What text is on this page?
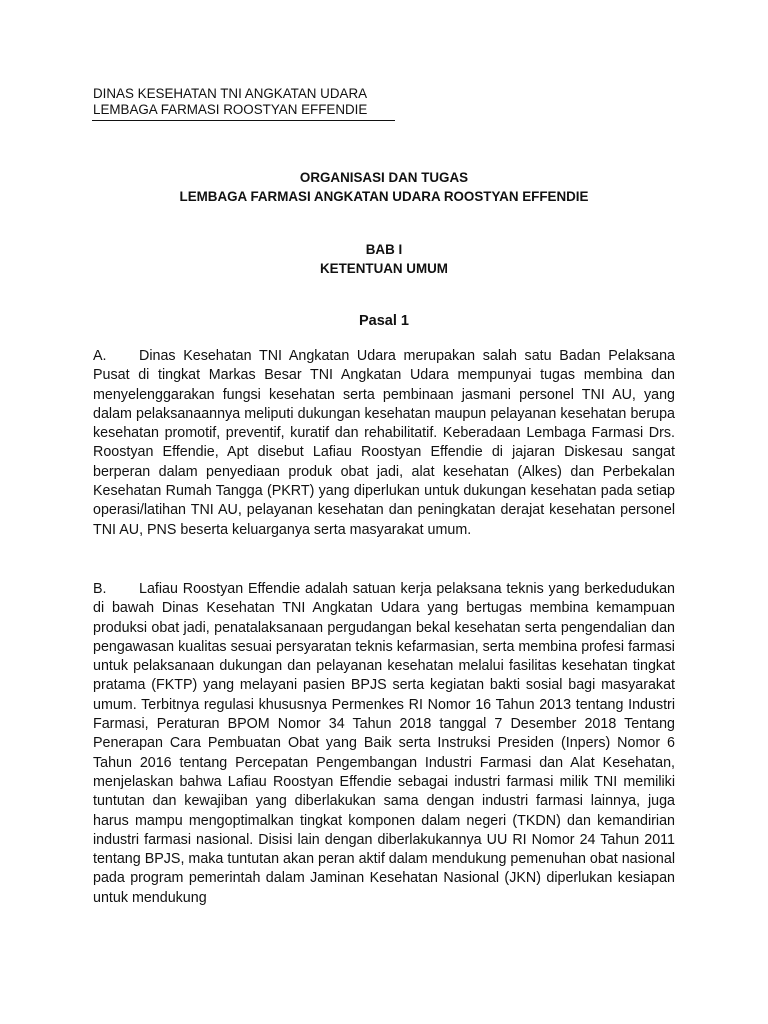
DINAS KESEHATAN TNI ANGKATAN UDARA
LEMBAGA FARMASI ROOSTYAN EFFENDIE
ORGANISASI DAN TUGAS
LEMBAGA FARMASI ANGKATAN UDARA ROOSTYAN EFFENDIE
BAB I
KETENTUAN UMUM
Pasal 1
A. Dinas Kesehatan TNI Angkatan Udara merupakan salah satu Badan Pelaksana Pusat di tingkat Markas Besar TNI Angkatan Udara mempunyai tugas membina dan menyelenggarakan fungsi kesehatan serta pembinaan jasmani personel TNI AU, yang dalam pelaksanaannya meliputi dukungan kesehatan maupun pelayanan kesehatan berupa kesehatan promotif, preventif, kuratif dan rehabilitatif. Keberadaan Lembaga Farmasi Drs. Roostyan Effendie, Apt disebut Lafiau Roostyan Effendie di jajaran Diskesau sangat berperan dalam penyediaan produk obat jadi, alat kesehatan (Alkes) dan Perbekalan Kesehatan Rumah Tangga (PKRT) yang diperlukan untuk dukungan kesehatan pada setiap operasi/latihan TNI AU, pelayanan kesehatan dan peningkatan derajat kesehatan personel TNI AU, PNS beserta keluarganya serta masyarakat umum.
B. Lafiau Roostyan Effendie adalah satuan kerja pelaksana teknis yang berkedudukan di bawah Dinas Kesehatan TNI Angkatan Udara yang bertugas membina kemampuan produksi obat jadi, penatalaksanaan pergudangan bekal kesehatan serta pengendalian dan pengawasan kualitas sesuai persyaratan teknis kefarmasian, serta membina profesi farmasi untuk pelaksanaan dukungan dan pelayanan kesehatan melalui fasilitas kesehatan tingkat pratama (FKTP) yang melayani pasien BPJS serta kegiatan bakti sosial bagi masyarakat umum. Terbitnya regulasi khususnya Permenkes RI Nomor 16 Tahun 2013 tentang Industri Farmasi, Peraturan BPOM Nomor 34 Tahun 2018 tanggal 7 Desember 2018 Tentang Penerapan Cara Pembuatan Obat yang Baik serta Instruksi Presiden (Inpers) Nomor 6 Tahun 2016 tentang Percepatan Pengembangan Industri Farmasi dan Alat Kesehatan, menjelaskan bahwa Lafiau Roostyan Effendie sebagai industri farmasi milik TNI memiliki tuntutan dan kewajiban yang diberlakukan sama dengan industri farmasi lainnya, juga harus mampu mengoptimalkan tingkat komponen dalam negeri (TKDN) dan kemandirian industri farmasi nasional. Disisi lain dengan diberlakukannya UU RI Nomor 24 Tahun 2011 tentang BPJS, maka tuntutan akan peran aktif dalam mendukung pemenuhan obat nasional pada program pemerintah dalam Jaminan Kesehatan Nasional (JKN) diperlukan kesiapan untuk mendukung
